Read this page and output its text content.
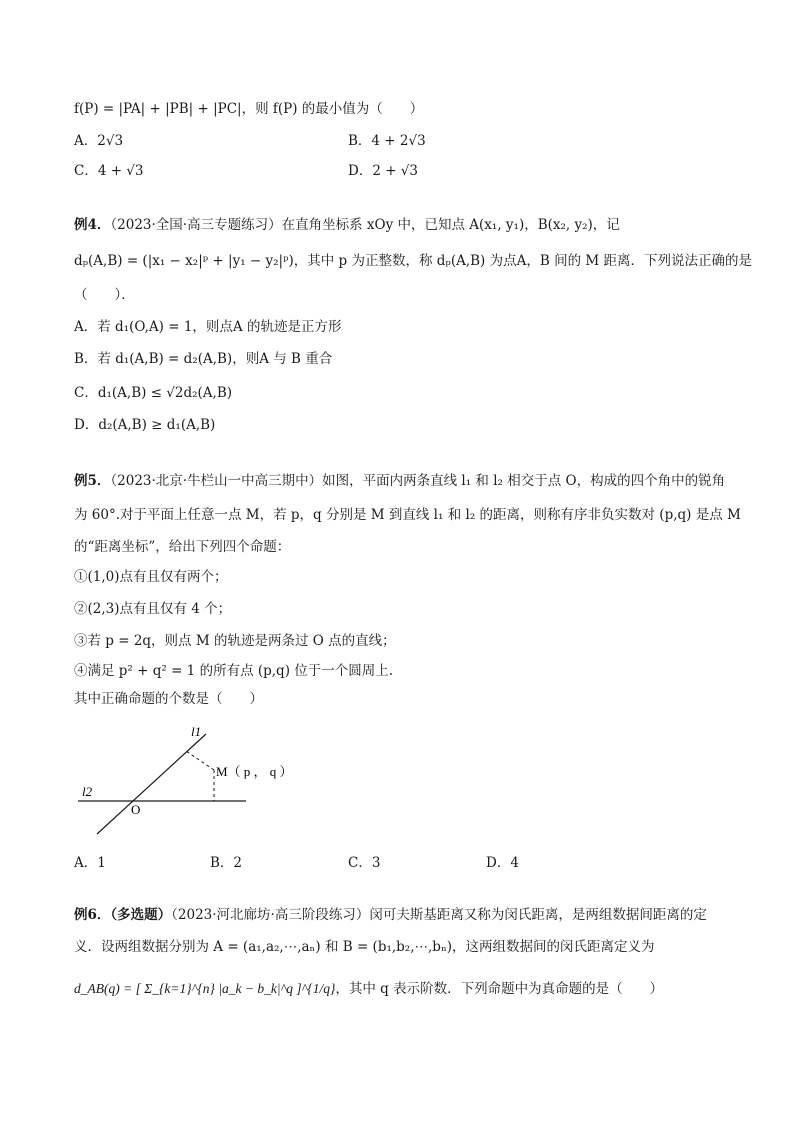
f(P) = |PA| + |PB| + |PC|，则 f(P) 的最小值为（　　）
A．2√3	B．4 + 2√3
C．4 + √3	D．2 + √3
例4．（2023·全国·高三专题练习）在直角坐标系 xOy 中，已知点 A(x₁, y₁)，B(x₂, y₂)，记
dₚ(A,B) = (|x₁ − x₂|ᵖ + |y₁ − y₂|ᵖ)，其中 p 为正整数，称 dₚ(A,B) 为点A，B 间的 M 距离．下列说法正确的是
（　　）．
A．若 d₁(O,A) = 1，则点A 的轨迹是正方形
B．若 d₁(A,B) = d₂(A,B)，则A 与 B 重合
C．d₁(A,B) ≤ √2d₂(A,B)
D．d₂(A,B) ≥ d₁(A,B)
例5．（2023·北京·牛栏山一中高三期中）如图，平面内两条直线 l₁ 和 l₂ 相交于点 O，构成的四个角中的锐角
为 60°.对于平面上任意一点 M，若 p，q 分别是 M 到直线 l₁ 和 l₂ 的距离，则称有序非负实数对 (p,q) 是点 M
的“距离坐标”，给出下列四个命题：
①(1,0)点有且仅有两个；
②(2,3)点有且仅有 4 个；
③若 p = 2q，则点 M 的轨迹是两条过 O 点的直线；
④满足 p² + q² = 1 的所有点 (p,q) 位于一个圆周上.
其中正确命题的个数是（　　）
l1
l2
O
M（ p ， q ）
A．1	B．2	C．3	D．4
例6．（多选题）（2023·河北廊坊·高三阶段练习）闵可夫斯基距离又称为闵氏距离，是两组数据间距离的定
义．设两组数据分别为 A = (a₁,a₂,⋯,aₙ) 和 B = (b₁,b₂,⋯,bₙ)，这两组数据间的闵氏距离定义为
d_AB(q) = [ Σ_{k=1}^{n} |a_k − b_k|^q ]^{1/q}，其中 q 表示阶数．下列命题中为真命题的是（　　）
